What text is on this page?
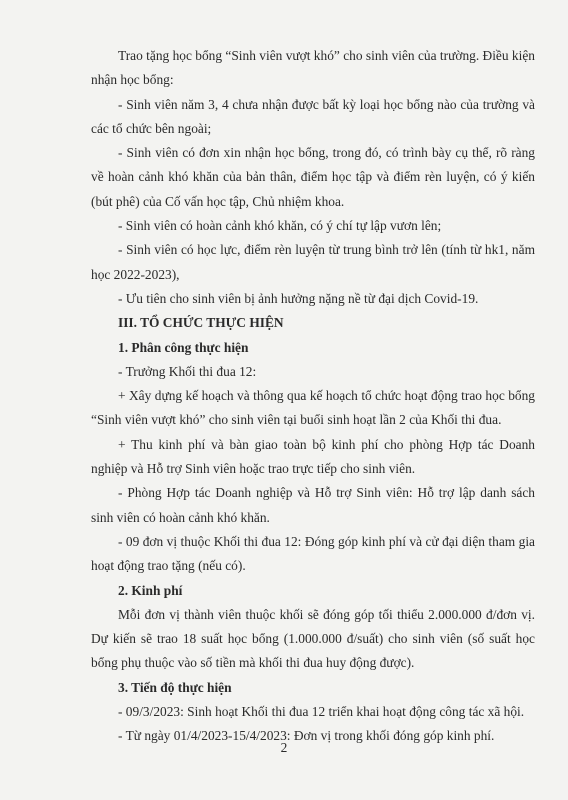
Trao tặng học bổng “Sinh viên vượt khó” cho sinh viên của trường. Điều kiện nhận học bổng:

- Sinh viên năm 3, 4 chưa nhận được bất kỳ loại học bổng nào của trường và các tổ chức bên ngoài;

- Sinh viên có đơn xin nhận học bổng, trong đó, có trình bày cụ thể, rõ ràng về hoàn cảnh khó khăn của bản thân, điểm học tập và điểm rèn luyện, có ý kiến (bút phê) của Cố vấn học tập, Chủ nhiệm khoa.

- Sinh viên có hoàn cảnh khó khăn, có ý chí tự lập vươn lên;

- Sinh viên có học lực, điểm rèn luyện từ trung bình trở lên (tính từ hk1, năm học 2022-2023),

- Ưu tiên cho sinh viên bị ảnh hưởng nặng nề từ đại dịch Covid-19.

III. TỔ CHỨC THỰC HIỆN

1. Phân công thực hiện

- Trưởng Khối thi đua 12:

+ Xây dựng kế hoạch và thông qua kế hoạch tổ chức hoạt động trao học bổng “Sinh viên vượt khó” cho sinh viên tại buổi sinh hoạt lần 2 của Khối thi đua.

+ Thu kinh phí và bàn giao toàn bộ kinh phí cho phòng Hợp tác Doanh nghiệp và Hỗ trợ Sinh viên hoặc trao trực tiếp cho sinh viên.

- Phòng Hợp tác Doanh nghiệp và Hỗ trợ Sinh viên: Hỗ trợ lập danh sách sinh viên có hoàn cảnh khó khăn.

- 09 đơn vị thuộc Khối thi đua 12: Đóng góp kinh phí và cử đại diện tham gia hoạt động trao tặng (nếu có).

2. Kinh phí

Mỗi đơn vị thành viên thuộc khối sẽ đóng góp tối thiểu 2.000.000 đ/đơn vị. Dự kiến sẽ trao 18 suất học bổng (1.000.000 đ/suất) cho sinh viên (số suất học bổng phụ thuộc vào số tiền mà khối thi đua huy động được).

3. Tiến độ thực hiện

- 09/3/2023: Sinh hoạt Khối thi đua 12 triển khai hoạt động công tác xã hội.

- Từ ngày 01/4/2023-15/4/2023: Đơn vị trong khối đóng góp kinh phí.

2
